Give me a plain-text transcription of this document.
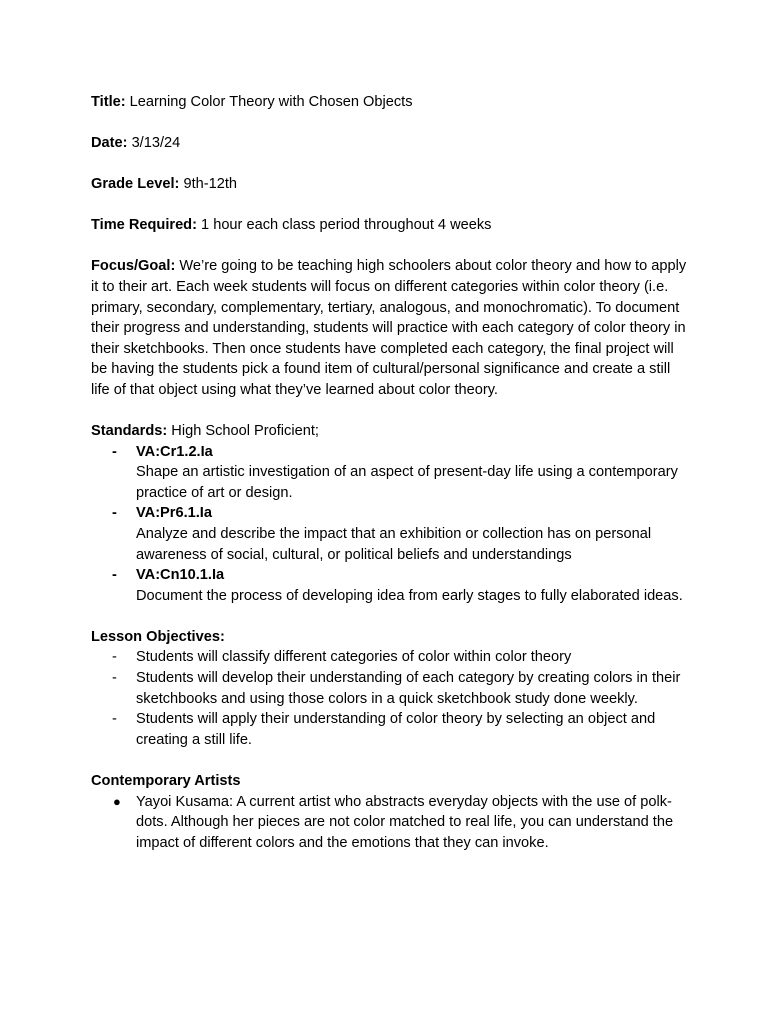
Title: Learning Color Theory with Chosen Objects

Date: 3/13/24

Grade Level: 9th-12th

Time Required: 1 hour each class period throughout 4 weeks

Focus/Goal: We’re going to be teaching high schoolers about color theory and how to apply it to their art. Each week students will focus on different categories within color theory (i.e. primary, secondary, complementary, tertiary, analogous, and monochromatic). To document their progress and understanding, students will practice with each category of color theory in their sketchbooks. Then once students have completed each category, the final project will be having the students pick a found item of cultural/personal significance and create a still life of that object using what they’ve learned about color theory.

Standards: High School Proficient;

-	VA:Cr1.2.Ia
Shape an artistic investigation of an aspect of present-day life using a contemporary practice of art or design.
-	VA:Pr6.1.Ia
Analyze and describe the impact that an exhibition or collection has on personal awareness of social, cultural, or political beliefs and understandings
-	VA:Cn10.1.Ia
Document the process of developing idea from early stages to fully elaborated ideas.

Lesson Objectives:

-	Students will classify different categories of color within color theory
-	Students will develop their understanding of each category by creating colors in their sketchbooks and using those colors in a quick sketchbook study done weekly.
-	Students will apply their understanding of color theory by selecting an object and creating a still life.

Contemporary Artists

● Yayoi Kusama: A current artist who abstracts everyday objects with the use of polk-dots. Although her pieces are not color matched to real life, you can understand the impact of different colors and the emotions that they can invoke.
